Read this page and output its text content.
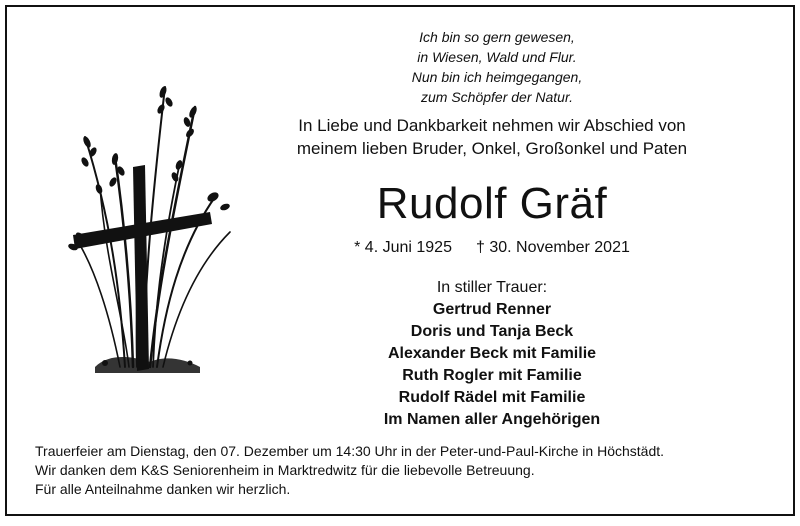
Ich bin so gern gewesen,
in Wiesen, Wald und Flur.
Nun bin ich heimgegangen,
zum Schöpfer der Natur.
In Liebe und Dankbarkeit nehmen wir Abschied von
meinem lieben Bruder, Onkel, Großonkel und Paten
Rudolf Gräf
* 4. Juni 1925 † 30. November 2021
In stiller Trauer:
Gertrud Renner
Doris und Tanja Beck
Alexander Beck mit Familie
Ruth Rogler mit Familie
Rudolf Rädel mit Familie
Im Namen aller Angehörigen
Trauerfeier am Dienstag, den 07. Dezember um 14:30 Uhr in der Peter-und-Paul-Kirche in Höchstädt.
Wir danken dem K&S Seniorenheim in Marktredwitz für die liebevolle Betreuung.
Für alle Anteilnahme danken wir herzlich.
